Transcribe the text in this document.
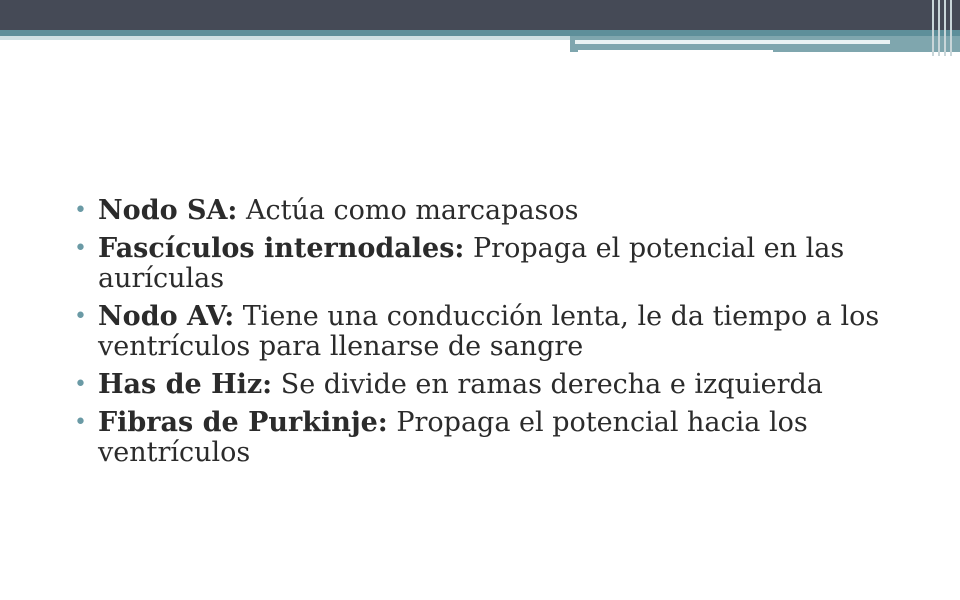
• Nodo SA: Actúa como marcapasos
• Fascículos internodales: Propaga el potencial en las aurículas
• Nodo AV: Tiene una conducción lenta, le da tiempo a los ventrículos para llenarse de sangre
• Has de Hiz: Se divide en ramas derecha e izquierda
• Fibras de Purkinje: Propaga el potencial hacia los ventrículos
